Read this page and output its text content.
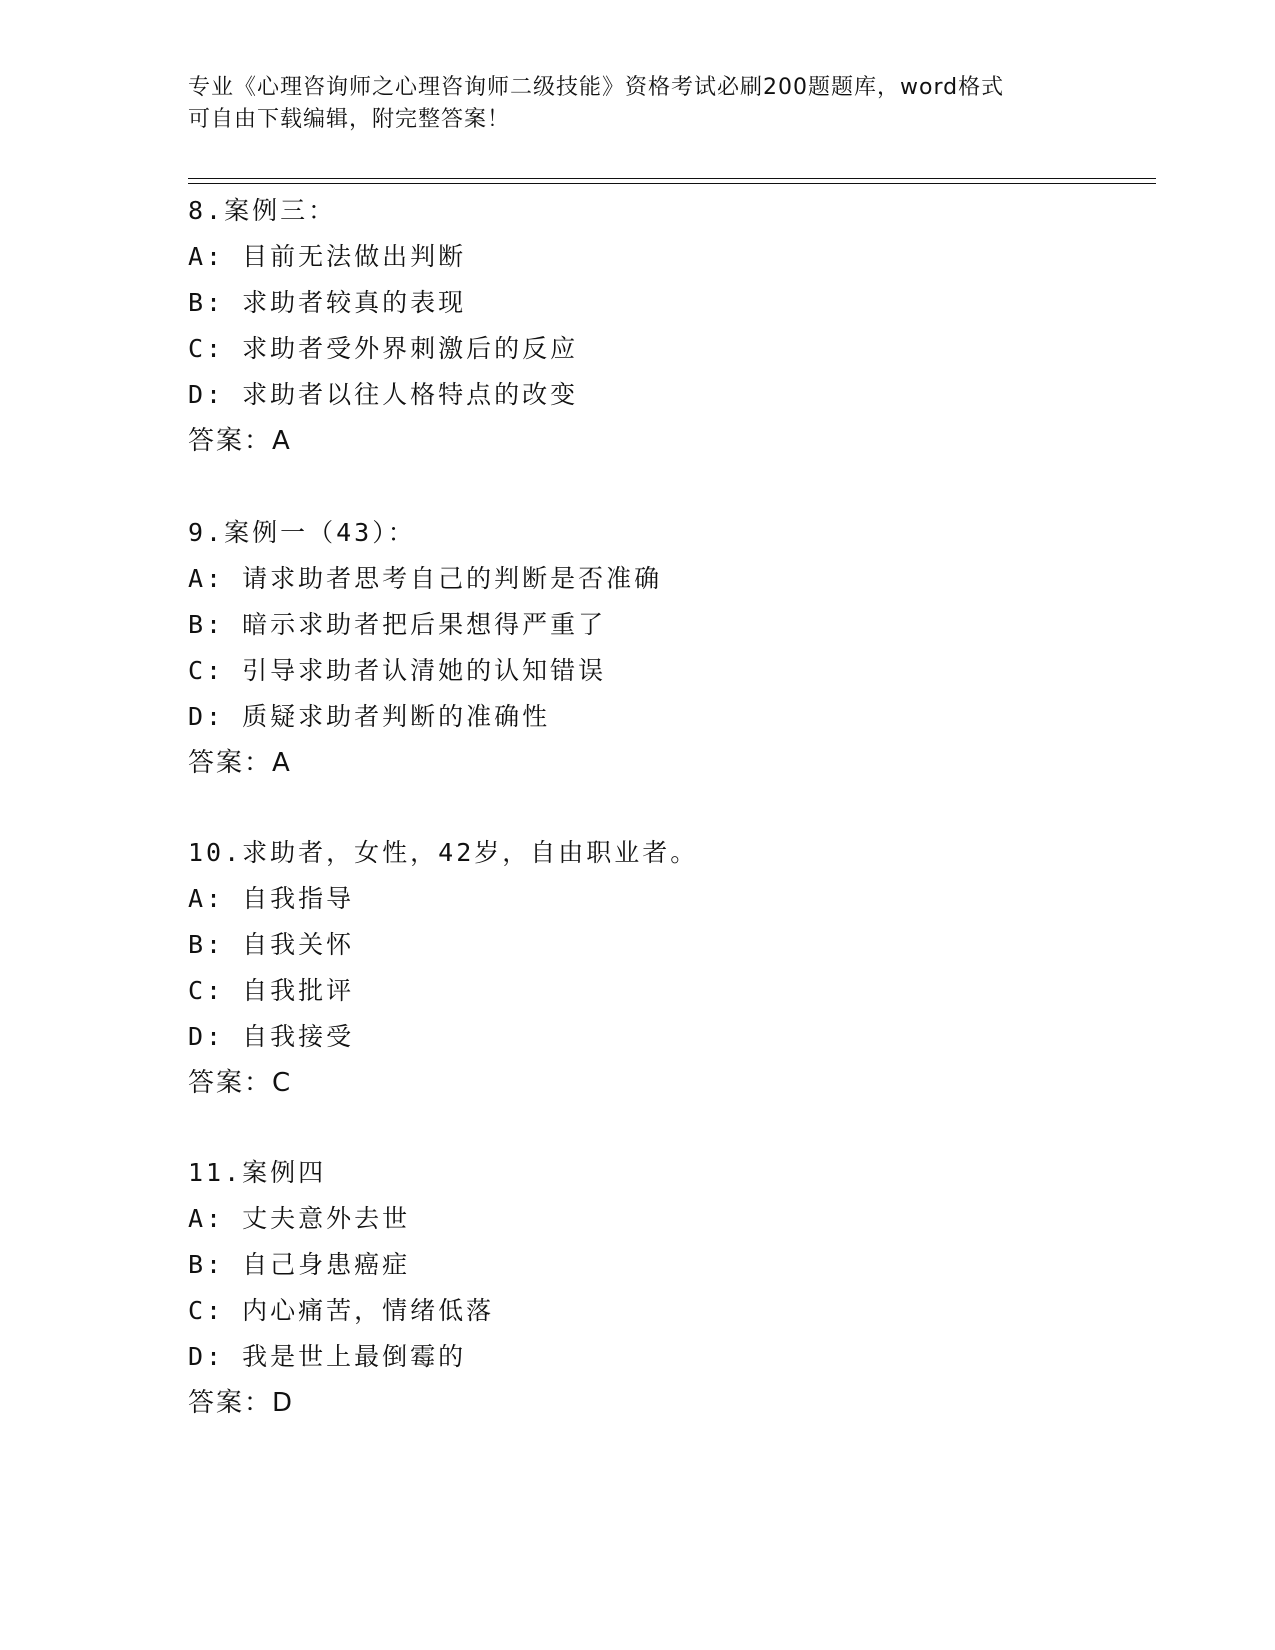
专业《心理咨询师之心理咨询师二级技能》资格考试必刷200题题库，word格式
可自由下载编辑，附完整答案！
8.案例三：
A: 目前无法做出判断
B: 求助者较真的表现
C: 求助者受外界刺激后的反应
D: 求助者以往人格特点的改变
答案：A
9.案例一（43）：
A: 请求助者思考自己的判断是否准确
B: 暗示求助者把后果想得严重了
C: 引导求助者认清她的认知错误
D: 质疑求助者判断的准确性
答案：A
10.求助者，女性，42岁，自由职业者。
A: 自我指导
B: 自我关怀
C: 自我批评
D: 自我接受
答案：C
11.案例四
A: 丈夫意外去世
B: 自己身患癌症
C: 内心痛苦，情绪低落
D: 我是世上最倒霉的
答案：D
